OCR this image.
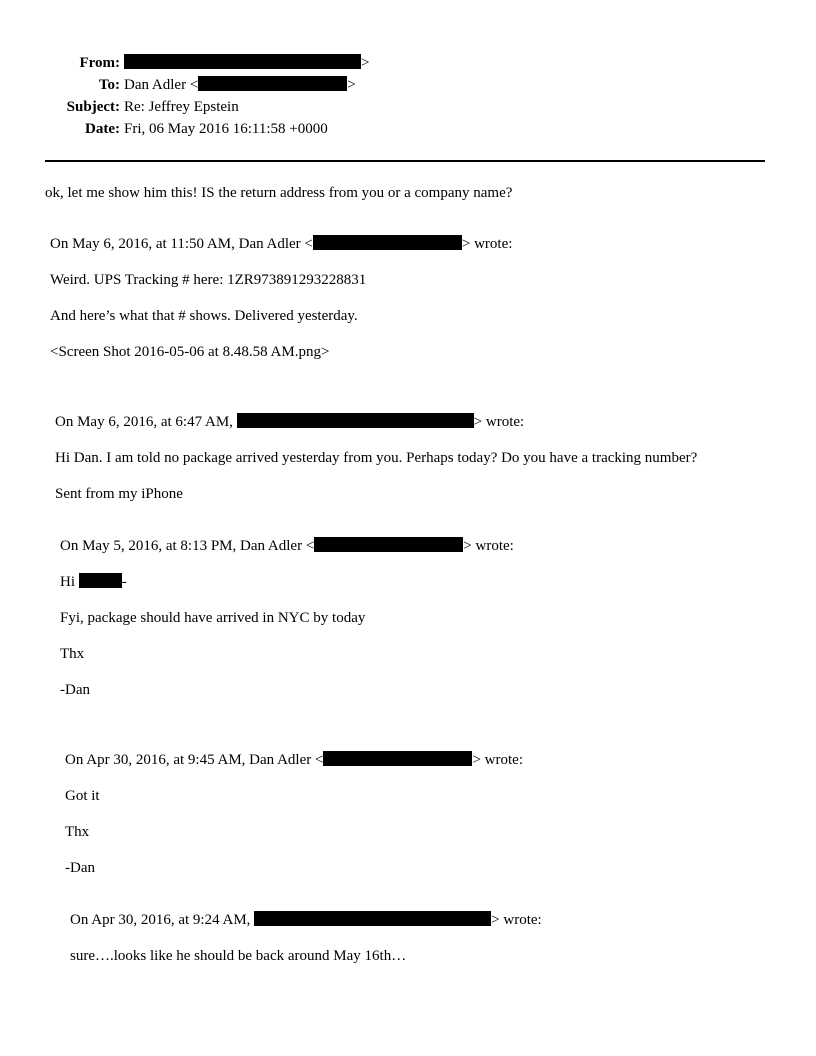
From:	>
To: Dan Adler <	>
Subject: Re: Jeffrey Epstein
Date: Fri, 06 May 2016 16:11:58 +0000
ok, let me show him this! IS the return address from you or a company name?
On May 6, 2016, at 11:50 AM, Dan Adler <	> wrote:
Weird. UPS Tracking # here: 1ZR973891293228831
And here’s what that # shows. Delivered yesterday.
<Screen Shot 2016-05-06 at 8.48.58 AM.png>
On May 6, 2016, at 6:47 AM,	> wrote:
Hi Dan. I am told no package arrived yesterday from you. Perhaps today? Do you have a tracking number?
Sent from my iPhone
On May 5, 2016, at 8:13 PM, Dan Adler <	> wrote:
Hi	-
Fyi, package should have arrived in NYC by today
Thx
-Dan
On Apr 30, 2016, at 9:45 AM, Dan Adler <	> wrote:
Got it
Thx
-Dan
On Apr 30, 2016, at 9:24 AM,	> wrote:
sure….looks like he should be back around May 16th…
